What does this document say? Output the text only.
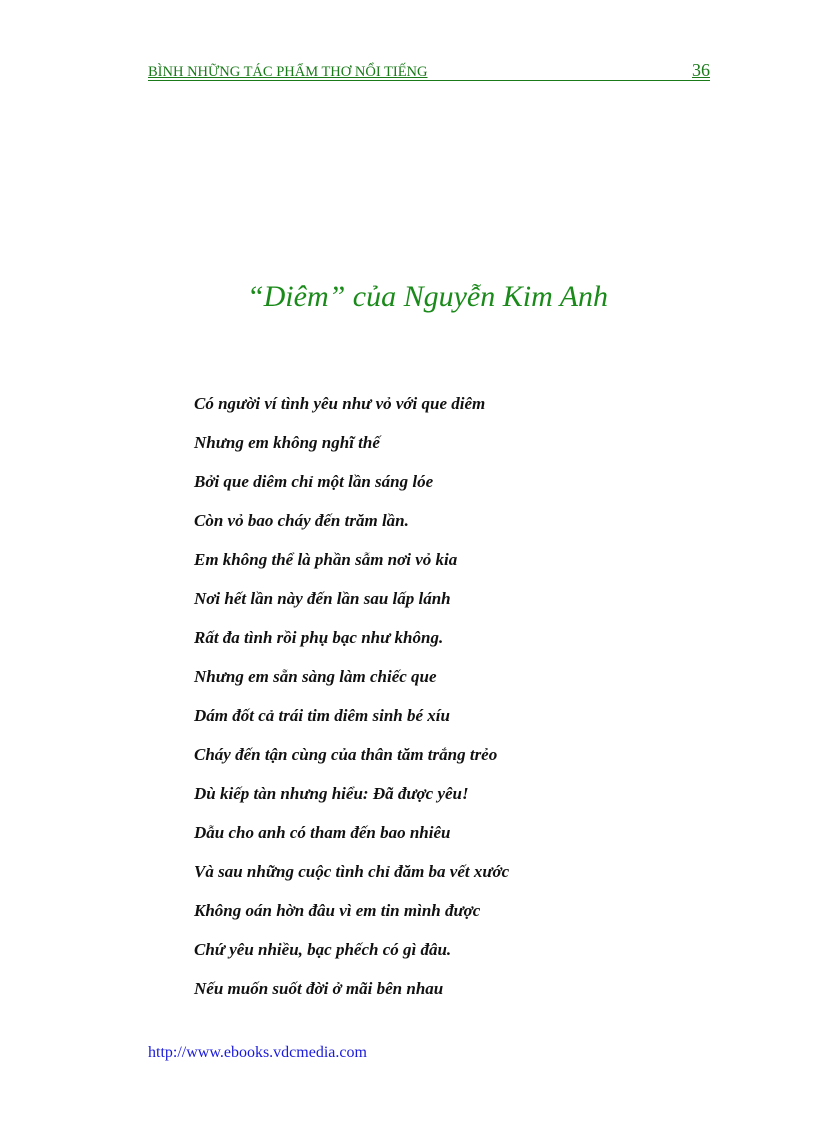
BÌNH NHỮNG TÁC PHẨM THƠ NỔI TIẾNG	36
“Diêm” của Nguyễn Kim Anh
Có người ví tình yêu như vỏ với que diêm
Nhưng em không nghĩ thế
Bởi que diêm chỉ một lần sáng lóe
Còn vỏ bao cháy đến trăm lần.
Em không thể là phần sẫm nơi vỏ kia
Nơi hết lần này đến lần sau lấp lánh
Rất đa tình rồi phụ bạc như không.
Nhưng em sẵn sàng làm chiếc que
Dám đốt cả trái tim diêm sinh bé xíu
Cháy đến tận cùng của thân tăm trắng trẻo
Dù kiếp tàn nhưng hiểu: Đã được yêu!
Dẫu cho anh có tham đến bao nhiêu
Và sau những cuộc tình chỉ đăm ba vết xước
Không oán hờn đâu vì em tin mình được
Chứ yêu nhiều, bạc phếch có gì đâu.
Nếu muốn suốt đời ở mãi bên nhau
http://www.ebooks.vdcmedia.com
